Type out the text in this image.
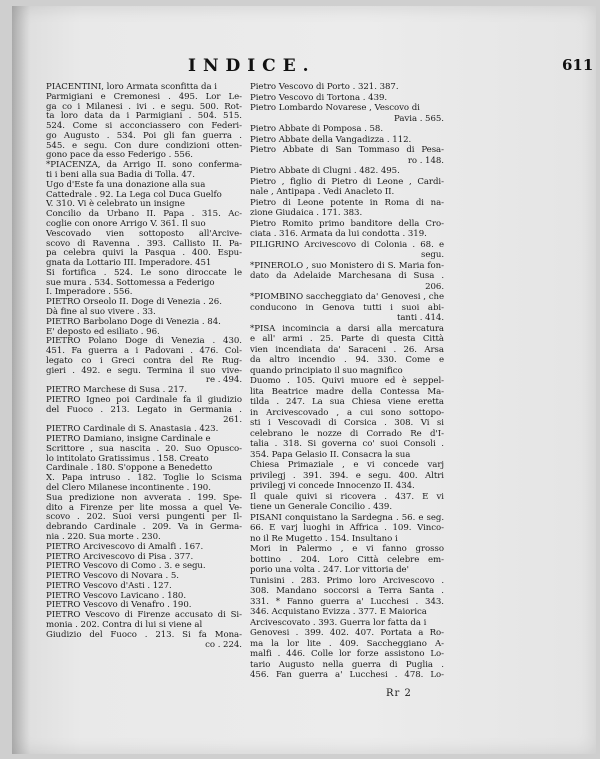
INDICE.	611
PIACENTINI, loro Armata sconfitta da i
Parmigiani e Cremonesi . 495. Lor Le-
ga co i Milanesi . ivi . e segu. 500. Rot-
ta loro data da i Parmigiani . 504. 515.
524. Come si acconciassero con Federi-
go Augusto . 534. Poi gli fan guerra .
545. e segu. Con dure condizioni otten-
gono pace da esso Federigo . 556.
*PIACENZA, da Arrigo II. sono conferma-
ti i beni alla sua Badia di Tolla. 47.
Ugo d'Este fa una donazione alla sua
Cattedrale . 92. La Lega col Duca Guelfo
V. 310. Vi è celebrato un insigne
Concilio da Urbano II. Papa . 315. Ac-
coglie con onore Arrigo V. 361. Il suo
Vescovado vien sottoposto all'Arcive-
scovo di Ravenna . 393. Callisto II. Pa-
pa celebra quivi la Pasqua . 400. Espu-
gnata da Lottario III. Imperadore. 451
Si fortifica . 524. Le sono diroccate le
sue mura . 534. Sottomessa a Federigo
I. Imperadore . 556.
PIETRO Orseolo II. Doge di Venezia . 26.
Dà fine al suo vivere . 33.
PIETRO Barbolano Doge di Venezia . 84.
E' deposto ed esiliato . 96.
PIETRO Polano Doge di Venezia . 430.
451. Fa guerra a i Padovani . 476. Col-
legato co i Greci contra del Re Rug-
gieri . 492. e segu. Termina il suo vive-
re . 494.
PIETRO Marchese di Susa . 217.
PIETRO Igneo poi Cardinale fa il giudizio
del Fuoco . 213. Legato in Germania .
261.
PIETRO Cardinale di S. Anastasia . 423.
PIETRO Damiano, insigne Cardinale e
Scrittore , sua nascita . 20. Suo Opusco-
lo intitolato Gratissimus . 158. Creato
Cardinale . 180. S'oppone a Benedetto
X. Papa intruso . 182. Toglie lo Scisma
del Clero Milanese incontinente . 190.
Sua predizione non avverata . 199. Spe-
dito a Firenze per lite mossa a quel Ve-
scovo . 202. Suoi versi pungenti per Il-
debrando Cardinale . 209. Va in Germa-
nia . 220. Sua morte . 230.
PIETRO Arcivescovo di Amalfi . 167.
PIETRO Arcivescovo di Pisa . 377.
PIETRO Vescovo di Como . 3. e segu.
PIETRO Vescovo di Novara . 5.
PIETRO Vescovo d'Asti . 127.
PIETRO Vescovo Lavicano . 180.
PIETRO Vescovo di Venafro . 190.
PIETRO Vescovo di Firenze accusato di Si-
monia . 202. Contra di lui si viene al
Giudizio del Fuoco . 213. Si fa Mona-
co . 224.
Pietro Vescovo di Porto . 321. 387.
Pietro Vescovo di Tortona . 439.
Pietro Lombardo Novarese , Vescovo di
Pavia . 565.
Pietro Abbate di Pomposa . 58.
Pietro Abbate della Vangadizza . 112.
Pietro Abbate di San Tommaso di Pesa-
ro . 148.
Pietro Abbate di Clugni . 482. 495.
Pietro , figlio di Pietro di Leone , Cardi-
nale , Antipapa . Vedi Anacleto II.
Pietro di Leone potente in Roma di na-
zione Giudaica . 171. 383.
Pietro Romito primo banditore della Cro-
ciata . 316. Armata da lui condotta . 319.
PILIGRINO Arcivescovo di Colonia . 68. e
segu.
*PINEROLO , suo Monistero di S. Maria fon-
dato da Adelaide Marchesana di Susa .
206.
*PIOMBINO saccheggiato da' Genovesi , che
conducono in Genova tutti i suoi abi-
tanti . 414.
*PISA incomincia a darsi alla mercatura
e all' armi . 25. Parte di questa Città
vien incendiata da' Saraceni . 26. Arsa
da altro incendio . 94. 330. Come e
quando principiato il suo magnifico
Duomo . 105. Quivi muore ed è seppel-
lita Beatrice madre della Contessa Ma-
tilda . 247. La sua Chiesa viene eretta
in Arcivescovado , a cui sono sottopo-
sti i Vescovadi di Corsica . 308. Vi si
celebrano le nozze di Corrado Re d'I-
talia . 318. Si governa co' suoi Consoli .
354. Papa Gelasio II. Consacra la sua
Chiesa Primaziale , e vi concede varj
privilegj . 391. 394. e segu. 400. Altri
privilegj vi concede Innocenzo II. 434.
Il quale quivi si ricovera . 437. E vi
tiene un Generale Concilio . 439.
PISANI conquistano la Sardegna . 56. e seg.
66. E varj luoghi in Affrica . 109. Vinco-
no il Re Mugetto . 154. Insultano i
Mori in Palermo , e vi fanno grosso
bottino . 204. Loro Città celebre em-
porio una volta . 247. Lor vittoria de'
Tunisini . 283. Primo loro Arcivescovo .
308. Mandano soccorsi a Terra Santa .
331. * Fanno guerra a' Lucchesi . 343.
346. Acquistano Evizza . 377. E Maiorica
Arcivescovato . 393. Guerra lor fatta da i
Genovesi . 399. 402. 407. Portata a Ro-
ma la lor lite . 409. Saccheggiano A-
malfi . 446. Colle lor forze assistono Lo-
tario Augusto nella guerra di Puglia .
456. Fan guerra a' Lucchesi . 478. Lo-
Rr 2
